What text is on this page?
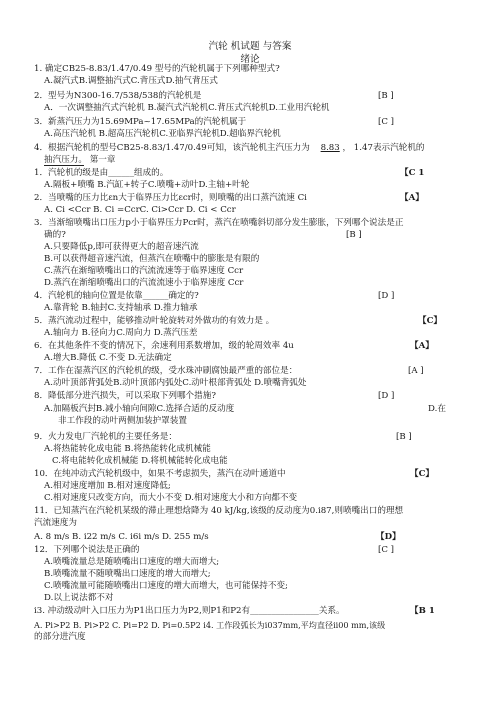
汽轮 机试题 与答案
绪论
1. 确定CB25-8.83/1.47/0.49 型号的汽轮机属于下列哪种型式?
A.凝汽式B.调整抽汽式C.背压式D.抽气背压式
2．型号为N300-16.7/538/538的汽轮机是	[B ]
A．一次调整抽汽式汽轮机 B.凝汽式汽轮机C.背压式汽轮机D.工业用汽轮机
3．新蒸汽压力为15.69MPa~17.65MPa的汽轮机属于	[C ]
A.高压汽轮机 B.超高压汽轮机C.亚临界汽轮机D.超临界汽轮机
4．根据汽轮机的型号CB25-8.83/1.47/0.49可知，该汽轮机主汽压力为 8.83 ， 1.47表示汽轮机的
抽汽压力。 第一章
1．汽轮机的级是由______组成的。	【C 1
A.隔板+喷嘴 B.汽缸+转子C.喷嘴+动叶D.主轴+叶轮
2．当喷嘴的压力比εn大于临界压力比εcr时，则喷嘴的出口蒸汽流速 Ci	【A】
A. Ci <Ccr B. Ci =CcrC. Ci>Ccr D. Ci < Ccr
3．当渐缩喷嘴出口压力p小于临界压力Pcr时，蒸汽在喷嘴斜切部分发生膨胀，下列哪个说法是正
确的?	[B ]
A.只要降低p,即可获得更大的超音速汽流
B.可以获得超音速汽流，但蒸汽在喷嘴中的膨胀是有限的
C.蒸汽在渐缩喷嘴出口的汽流流速等于临界速度 Ccr
D.蒸汽在渐缩喷嘴出口的汽流流速小于临界速度 Ccr
4．汽轮机的轴向位置是依靠______确定的?	[D ]
A.靠背轮 B.轴封C.支持轴承 D.推力轴承
5．蒸汽流动过程中，能够推动叶轮旋转对外做功的有效力是 。	【C】
A.轴向力 B.径向力C.周向力 D.蒸汽压差
6．在其他条件不变的情况下，余速利用系数增加，级的轮周效率 4u	【A】
A.增大B.降低 C.不变 D.无法确定
7．工作在湿蒸汽区的汽轮机的级，受水珠冲刷腐蚀最严重的部位是：	[A ]
A.动叶顶部背弧处B.动叶顶部内弧处C.动叶根部背弧处 D.喷嘴背弧处
8．降低部分进汽损失，可以采取下列哪个措施?	[D ]
A.加隔板汽封B.减小轴向间隙C.选择合适的反动度	D.在
非工作段的动叶两侧加装护罩装置
9．火力发电厂汽轮机的主要任务是：	[B ]
A.将热能转化成电能 B.将热能转化成机械能
C.将电能转化成机械能 D.将机械能转化成电能
10．在纯冲动式汽轮机级中，如果不考虑损失，蒸汽在动叶通道中	【C】
A.相对速度增加 B.相对速度降低;
C.相对速度只改变方向，而大小不变 D.相对速度大小和方向都不变
11．已知蒸汽在汽轮机某级的滞止理想焓降为 40 kJ/kg,该级的反动度为0.i87,则喷嘴出口的理想
汽流速度为
A. 8 m/s B. i22 m/s C. i6i m/s D. 255 m/s	【D】
12．下列哪个说法是正确的	[C ]
A.喷嘴流量总是随喷嘴出口速度的增大而增大;
B.喷嘴流量不随喷嘴出口速度的增大而增大;
C.喷嘴流量可能随喷嘴出口速度的增大而增大，也可能保持不变;
D.以上说法都不对
i3. 冲动级动叶入口压力为P1出口压力为P2,则P1和P2有________________关系。	【B 1
A. Pi>P2 B. Pi>P2 C. Pi=P2 D. Pi=0.5P2 i4. 工作段弧长为i037mm,平均直径ii00 mm,该级
的部分进汽度
